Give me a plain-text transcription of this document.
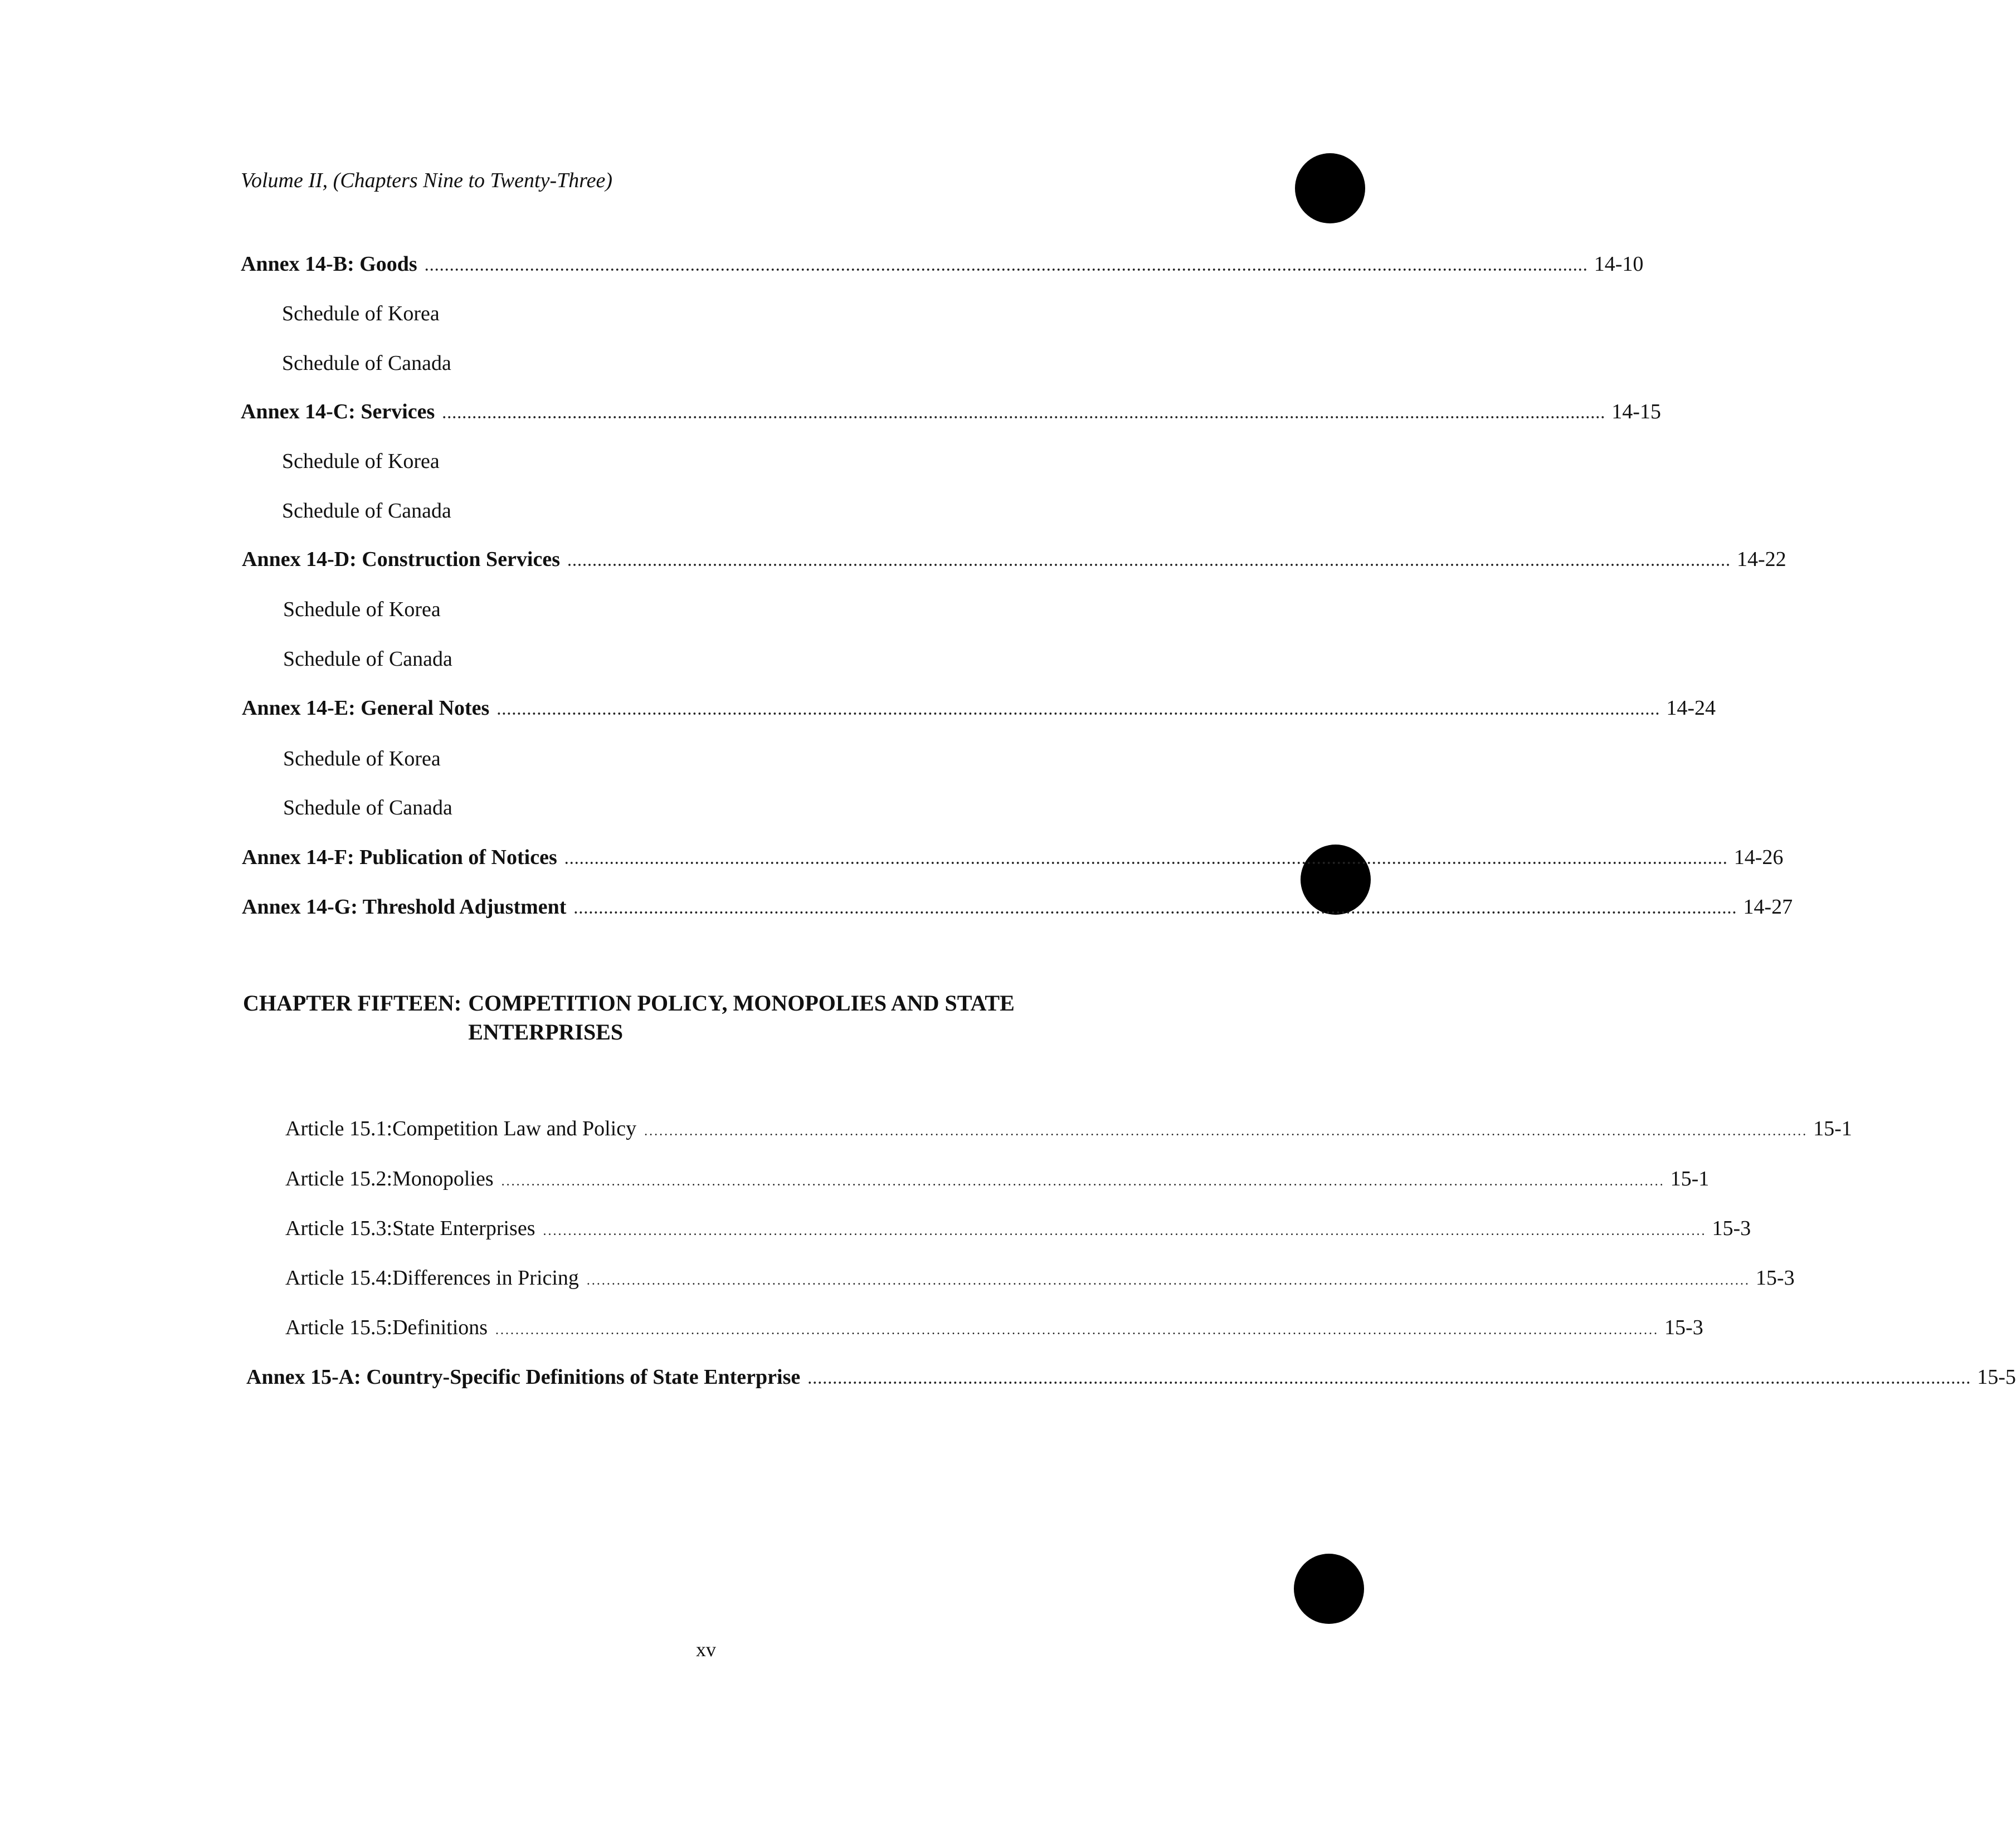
Volume II, (Chapters Nine to Twenty-Three)
Annex 14-B: Goods ........................................................................................................................................................................................................................................ 14-10
Schedule of Korea
Schedule of Canada
Annex 14-C: Services ........................................................................................................................................................................................................................................ 14-15
Schedule of Korea
Schedule of Canada
Annex 14-D: Construction Services ........................................................................................................................................................................................................................................ 14-22
Schedule of Korea
Schedule of Canada
Annex 14-E: General Notes ........................................................................................................................................................................................................................................ 14-24
Schedule of Korea
Schedule of Canada
Annex 14-F: Publication of Notices ........................................................................................................................................................................................................................................ 14-26
Annex 14-G: Threshold Adjustment ........................................................................................................................................................................................................................................ 14-27
CHAPTER FIFTEEN: COMPETITION POLICY, MONOPOLIES AND STATE ENTERPRISES
Article 15.1: Competition Law and Policy ........................................................................................................................................................................................................................................ 15-1
Article 15.2: Monopolies ........................................................................................................................................................................................................................................ 15-1
Article 15.3: State Enterprises ........................................................................................................................................................................................................................................ 15-3
Article 15.4: Differences in Pricing ........................................................................................................................................................................................................................................ 15-3
Article 15.5: Definitions ........................................................................................................................................................................................................................................ 15-3
Annex 15-A: Country-Specific Definitions of State Enterprise ........................................................................................................................................................................................................................................ 15-5
xv
